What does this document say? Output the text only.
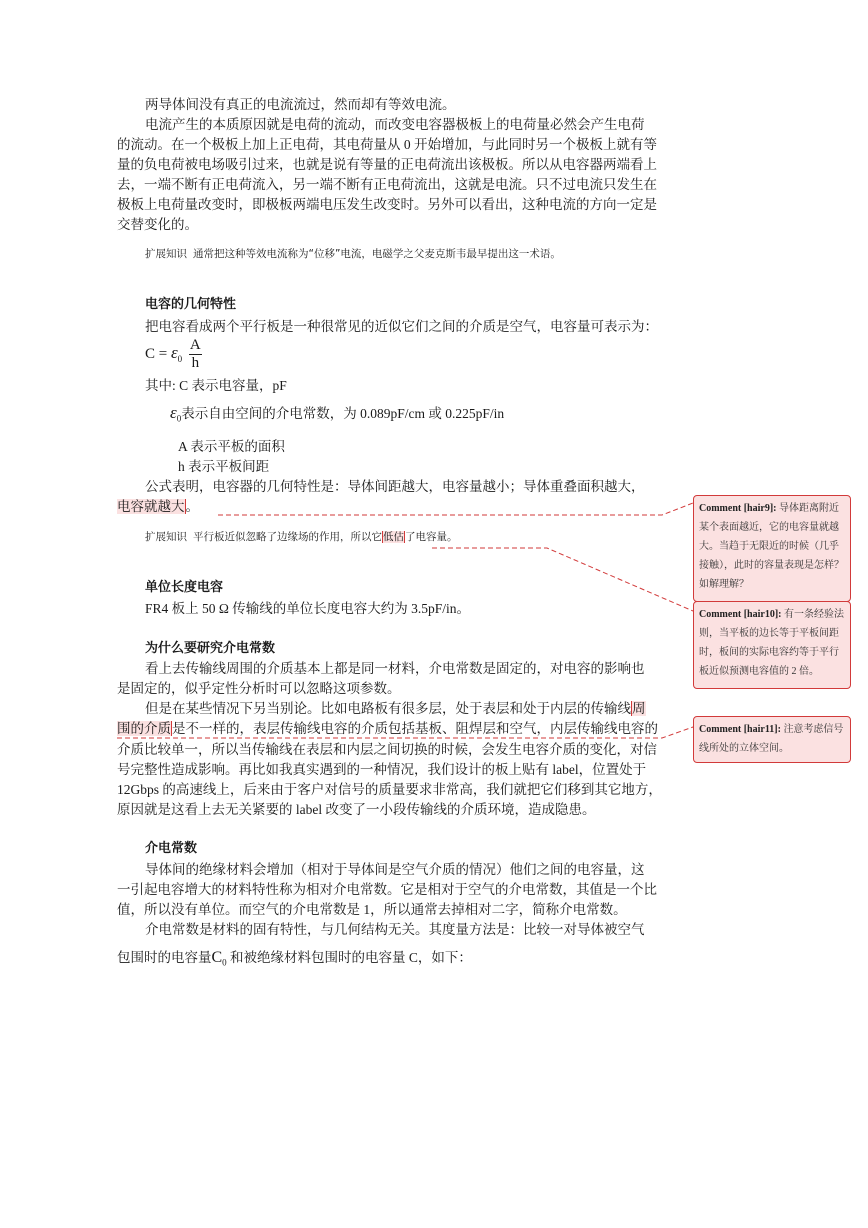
两导体间没有真正的电流流过，然而却有等效电流。

电流产生的本质原因就是电荷的流动，而改变电容器极板上的电荷量必然会产生电荷

的流动。在一个极板上加上正电荷，其电荷量从 0 开始增加，与此同时另一个极板上就有等

量的负电荷被电场吸引过来，也就是说有等量的正电荷流出该极板。所以从电容器两端看上

去，一端不断有正电荷流入，另一端不断有正电荷流出，这就是电流。只不过电流只发生在

极板上电荷量改变时，即极板两端电压发生改变时。另外可以看出，这种电流的方向一定是

交替变化的。

扩展知识 通常把这种等效电流称为“位移”电流，电磁学之父麦克斯韦最早提出这一术语。
电容的几何特性

把电容看成两个平行板是一种很常见的近似它们之间的介质是空气，电容量可表示为：

$C = \varepsilon_0 \frac{A}{h}$

其中: C 表示电容量，pF

$\varepsilon_0$表示自由空间的介电常数，为 0.089pF/cm 或 0.225pF/in

A 表示平板的面积

h 表示平板间距

公式表明，电容器的几何特性是：导体间距越大，电容量越小；导体重叠面积越大，

电容就越大。

扩展知识 平行板近似忽略了边缘场的作用，所以它低估了电容量。
单位长度电容

FR4 板上 50 Ω 传输线的单位长度电容大约为 3.5pF/in。

为什么要研究介电常数

看上去传输线周围的介质基本上都是同一材料，介电常数是固定的，对电容的影响也

是固定的，似乎定性分析时可以忽略这项参数。

但是在某些情况下另当别论。比如电路板有很多层，处于表层和处于内层的传输线周

围的介质是不一样的，表层传输线电容的介质包括基板、阻焊层和空气，内层传输线电容的

介质比较单一，所以当传输线在表层和内层之间切换的时候，会发生电容介质的变化，对信

号完整性造成影响。再比如我真实遇到的一种情况，我们设计的板上贴有 label，位置处于

12Gbps 的高速线上，后来由于客户对信号的质量要求非常高，我们就把它们移到其它地方，

原因就是这看上去无关紧要的 label 改变了一小段传输线的介质环境，造成隐患。

介电常数

导体间的绝缘材料会增加（相对于导体间是空气介质的情况）他们之间的电容量，这

一引起电容增大的材料特性称为相对介电常数。它是相对于空气的介电常数，其值是一个比

值，所以没有单位。而空气的介电常数是 1，所以通常去掉相对二字，简称介电常数。

介电常数是材料的固有特性，与几何结构无关。其度量方法是：比较一对导体被空气

包围时的电容量$C_0$ 和被绝缘材料包围时的电容量 C，如下：

Comment [hair9]: 导体距离附近某个表面越近，它的电容量就越大。当趋于无限近的时候（几乎接触），此时的容量表现是怎样？如解理解？
Comment [hair10]: 有一条经验法则，当平板的边长等于平板间距时，板间的实际电容约等于平行板近似预测电容值的 2 倍。
Comment [hair11]: 注意考虑信号线所处的立体空间。
